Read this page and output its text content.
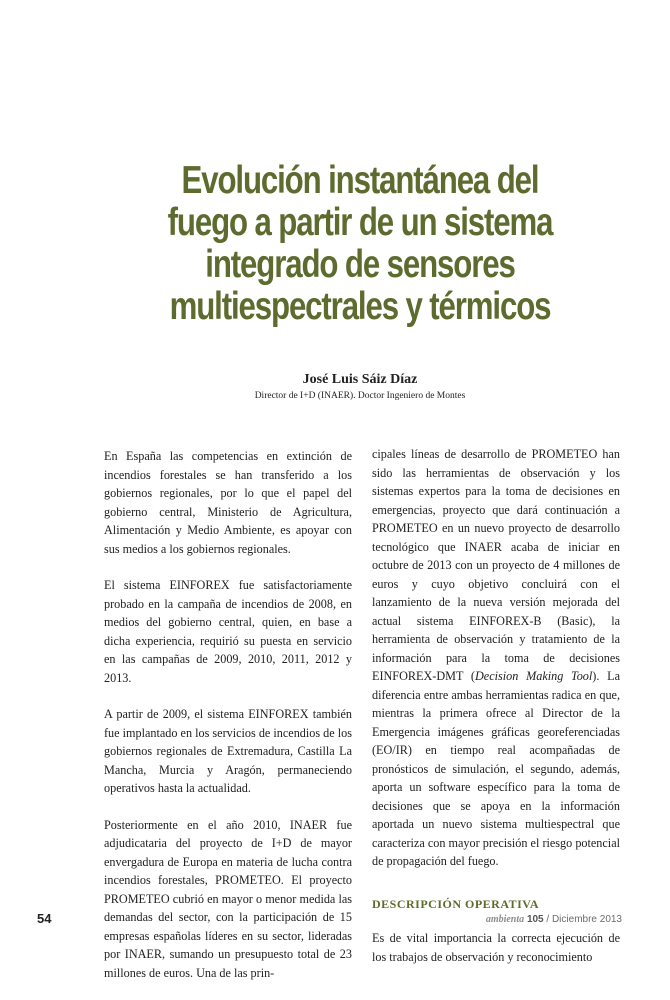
Evolución instantánea del fuego a partir de un sistema integrado de sensores multiespectrales y térmicos
José Luis Sáiz Díaz
Director de I+D (INAER). Doctor Ingeniero de Montes

En España las competencias en extinción de incendios forestales se han transferido a los gobiernos regionales, por lo que el papel del gobierno central, Ministerio de Agricultura, Alimentación y Medio Ambiente, es apoyar con sus medios a los gobiernos regionales.

El sistema EINFOREX fue satisfactoriamente probado en la campaña de incendios de 2008, en medios del gobierno central, quien, en base a dicha experiencia, requirió su puesta en servicio en las campañas de 2009, 2010, 2011, 2012 y 2013.

A partir de 2009, el sistema EINFOREX también fue implantado en los servicios de incendios de los gobiernos regionales de Extremadura, Castilla La Mancha, Murcia y Aragón, permaneciendo operativos hasta la actualidad.

Posteriormente en el año 2010, INAER fue adjudicataria del proyecto de I+D de mayor envergadura de Europa en materia de lucha contra incendios forestales, PROMETEO. El proyecto PROMETEO cubrió en mayor o menor medida las demandas del sector, con la participación de 15 empresas españolas líderes en su sector, lideradas por INAER, sumando un presupuesto total de 23 millones de euros. Una de las prin-

cipales líneas de desarrollo de PROMETEO han sido las herramientas de observación y los sistemas expertos para la toma de decisiones en emergencias, proyecto que dará continuación a PROMETEO en un nuevo proyecto de desarrollo tecnológico que INAER acaba de iniciar en octubre de 2013 con un proyecto de 4 millones de euros y cuyo objetivo concluirá con el lanzamiento de la nueva versión mejorada del actual sistema EINFOREX-B (Basic), la herramienta de observación y tratamiento de la información para la toma de decisiones EINFOREX-DMT (Decision Making Tool). La diferencia entre ambas herramientas radica en que, mientras la primera ofrece al Director de la Emergencia imágenes gráficas georeferenciadas (EO/IR) en tiempo real acompañadas de pronósticos de simulación, el segundo, además, aporta un software específico para la toma de decisiones que se apoya en la información aportada un nuevo sistema multiespectral que caracteriza con mayor precisión el riesgo potencial de propagación del fuego.

DESCRIPCIÓN OPERATIVA

Es de vital importancia la correcta ejecución de los trabajos de observación y reconocimiento

54	ambienta 105 / Diciembre 2013
